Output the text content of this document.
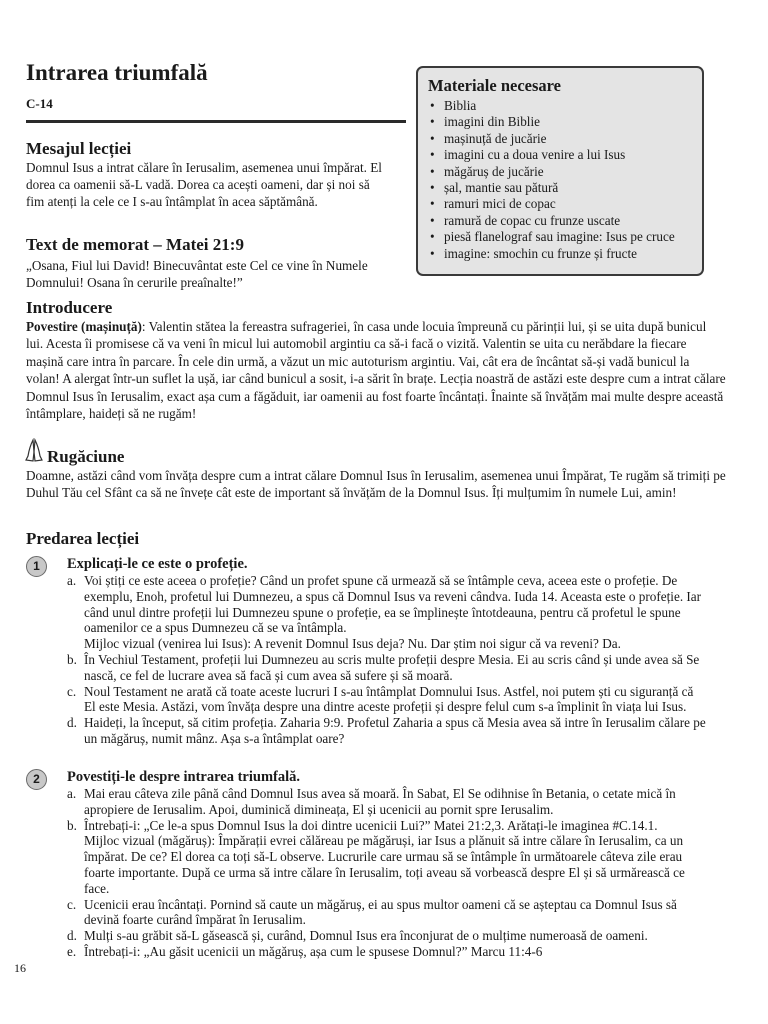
Intrarea triumfală
C-14
Materiale necesare
• Biblia
• imagini din Biblie
• mașinuță de jucărie
• imagini cu a doua venire a lui Isus
• măgăruș de jucărie
• șal, mantie sau pătură
• ramuri mici de copac
• ramură de copac cu frunze uscate
• piesă flanelograf sau imagine: Isus pe cruce
• imagine: smochin cu frunze și fructe
Mesajul lecției
Domnul Isus a intrat călare în Ierusalim, asemenea unui împărat. El dorea ca oamenii să-L vadă. Dorea ca acești oameni, dar și noi să fim atenți la cele ce I s-au întâmplat în acea săptămână.
Text de memorat – Matei 21:9
„Osana, Fiul lui David! Binecuvântat este Cel ce vine în Numele Domnului! Osana în cerurile preaînalte!”
Introducere
Povestire (mașinuță): Valentin stătea la fereastra sufrageriei, în casa unde locuia împreună cu părinții lui, și se uita după bunicul lui. Acesta îi promisese că va veni în micul lui automobil argintiu ca să-i facă o vizită. Valentin se uita cu nerăbdare la fiecare mașină care intra în parcare. În cele din urmă, a văzut un mic autoturism argintiu. Vai, cât era de încântat să-și vadă bunicul la volan! A alergat într-un suflet la ușă, iar când bunicul a sosit, i-a sărit în brațe. Lecția noastră de astăzi este despre cum a intrat călare Domnul Isus în Ierusalim, exact așa cum a făgăduit, iar oamenii au fost foarte încântați. Înainte să învățăm mai multe despre această întâmplare, haideți să ne rugăm!
Rugăciune
Doamne, astăzi când vom învăța despre cum a intrat călare Domnul Isus în Ierusalim, asemenea unui Împărat, Te rugăm să trimiți pe Duhul Tău cel Sfânt ca să ne învețe cât este de important să învățăm de la Domnul Isus. Îți mulțumim în numele Lui, amin!
Predarea lecției
1	Explicați-le ce este o profeție.
a. Voi știți ce este aceea o profeție? Când un profet spune că urmează să se întâmple ceva, aceea este o profeție. De exemplu, Enoh, profetul lui Dumnezeu, a spus că Domnul Isus va reveni cândva. Iuda 14. Aceasta este o profeție. Iar când unul dintre profeții lui Dumnezeu spune o profeție, ea se împlinește întotdeauna, pentru că profetul le spune oamenilor ce a spus Dumnezeu că se va întâmpla.
Mijloc vizual (venirea lui Isus): A revenit Domnul Isus deja? Nu. Dar știm noi sigur că va reveni? Da.
b. În Vechiul Testament, profeții lui Dumnezeu au scris multe profeții despre Mesia. Ei au scris când și unde avea să Se nască, ce fel de lucrare avea să facă și cum avea să sufere și să moară.
c. Noul Testament ne arată că toate aceste lucruri I s-au întâmplat Domnului Isus. Astfel, noi putem ști cu siguranță că El este Mesia. Astăzi, vom învăța despre una dintre aceste profeții și despre felul cum s-a împlinit în viața lui Isus.
d. Haideți, la început, să citim profeția. Zaharia 9:9. Profetul Zaharia a spus că Mesia avea să intre în Ierusalim călare pe un măgăruș, numit mânz. Așa s-a întâmplat oare?
2	Povestiți-le despre intrarea triumfală.
a. Mai erau câteva zile până când Domnul Isus avea să moară. În Sabat, El Se odihnise în Betania, o cetate mică în apropiere de Ierusalim. Apoi, duminică dimineața, El și ucenicii au pornit spre Ierusalim.
b. Întrebați-i: „Ce le-a spus Domnul Isus la doi dintre ucenicii Lui?” Matei 21:2,3. Arătați-le imaginea #C.14.1.
Mijloc vizual (măgăruș): Împărații evrei călăreau pe măgăruși, iar Isus a plănuit să intre călare în Ierusalim, ca un împărat. De ce? El dorea ca toți să-L observe. Lucrurile care urmau să se întâmple în următoarele câteva zile erau foarte importante. După ce urma să intre călare în Ierusalim, toți aveau să vorbească despre El și să urmărească ce face.
c. Ucenicii erau încântați. Pornind să caute un măgăruș, ei au spus multor oameni că se așteptau ca Domnul Isus să devină foarte curând împărat în Ierusalim.
d. Mulți s-au grăbit să-L găsească și, curând, Domnul Isus era înconjurat de o mulțime numeroasă de oameni.
e. Întrebați-i: „Au găsit ucenicii un măgăruș, așa cum le spusese Domnul?” Marcu 11:4-6
16
